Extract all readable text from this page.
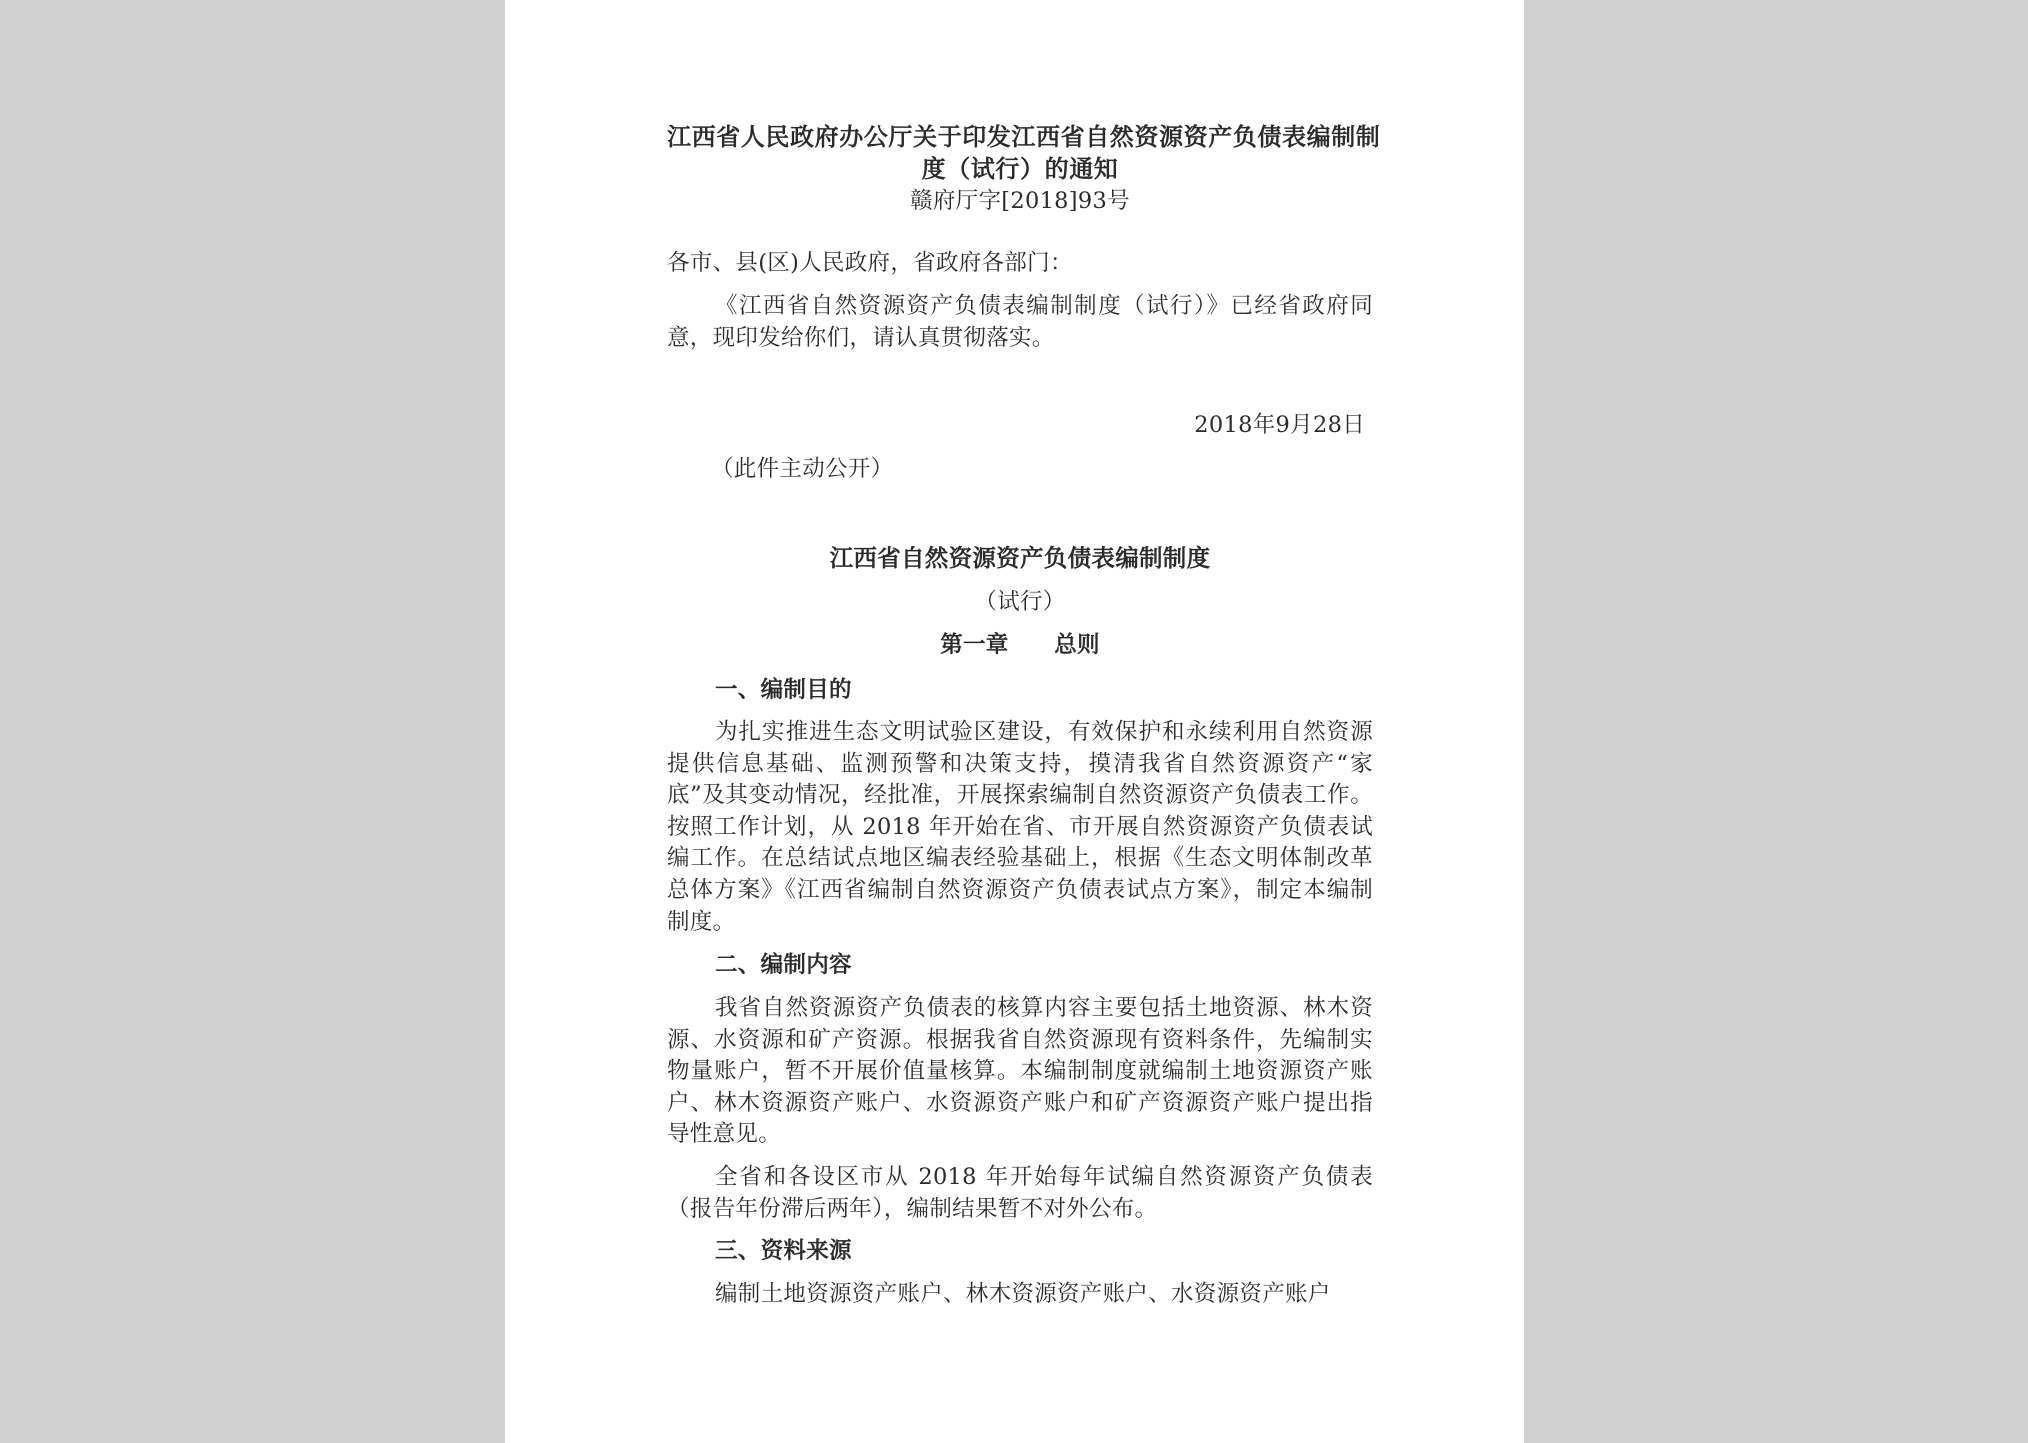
江西省人民政府办公厅关于印发江西省自然资源资产负债表编制制
度（试行）的通知
赣府厅字[2018]93号
各市、县(区)人民政府，省政府各部门：
《江西省自然资源资产负债表编制制度（试行）》已经省政府同意，现印发给你们，请认真贯彻落实。
2018年9月28日
（此件主动公开）
江西省自然资源资产负债表编制制度
（试行）
第一章　　总则
一、编制目的
为扎实推进生态文明试验区建设，有效保护和永续利用自然资源提供信息基础、监测预警和决策支持，摸清我省自然资源资产“家底”及其变动情况，经批准，开展探索编制自然资源资产负债表工作。按照工作计划，从 2018 年开始在省、市开展自然资源资产负债表试编工作。在总结试点地区编表经验基础上，根据《生态文明体制改革总体方案》《江西省编制自然资源资产负债表试点方案》，制定本编制制度。
二、编制内容
我省自然资源资产负债表的核算内容主要包括土地资源、林木资源、水资源和矿产资源。根据我省自然资源现有资料条件，先编制实物量账户，暂不开展价值量核算。本编制制度就编制土地资源资产账户、林木资源资产账户、水资源资产账户和矿产资源资产账户提出指导性意见。
全省和各设区市从 2018 年开始每年试编自然资源资产负债表（报告年份滞后两年），编制结果暂不对外公布。
三、资料来源
编制土地资源资产账户、林木资源资产账户、水资源资产账户
